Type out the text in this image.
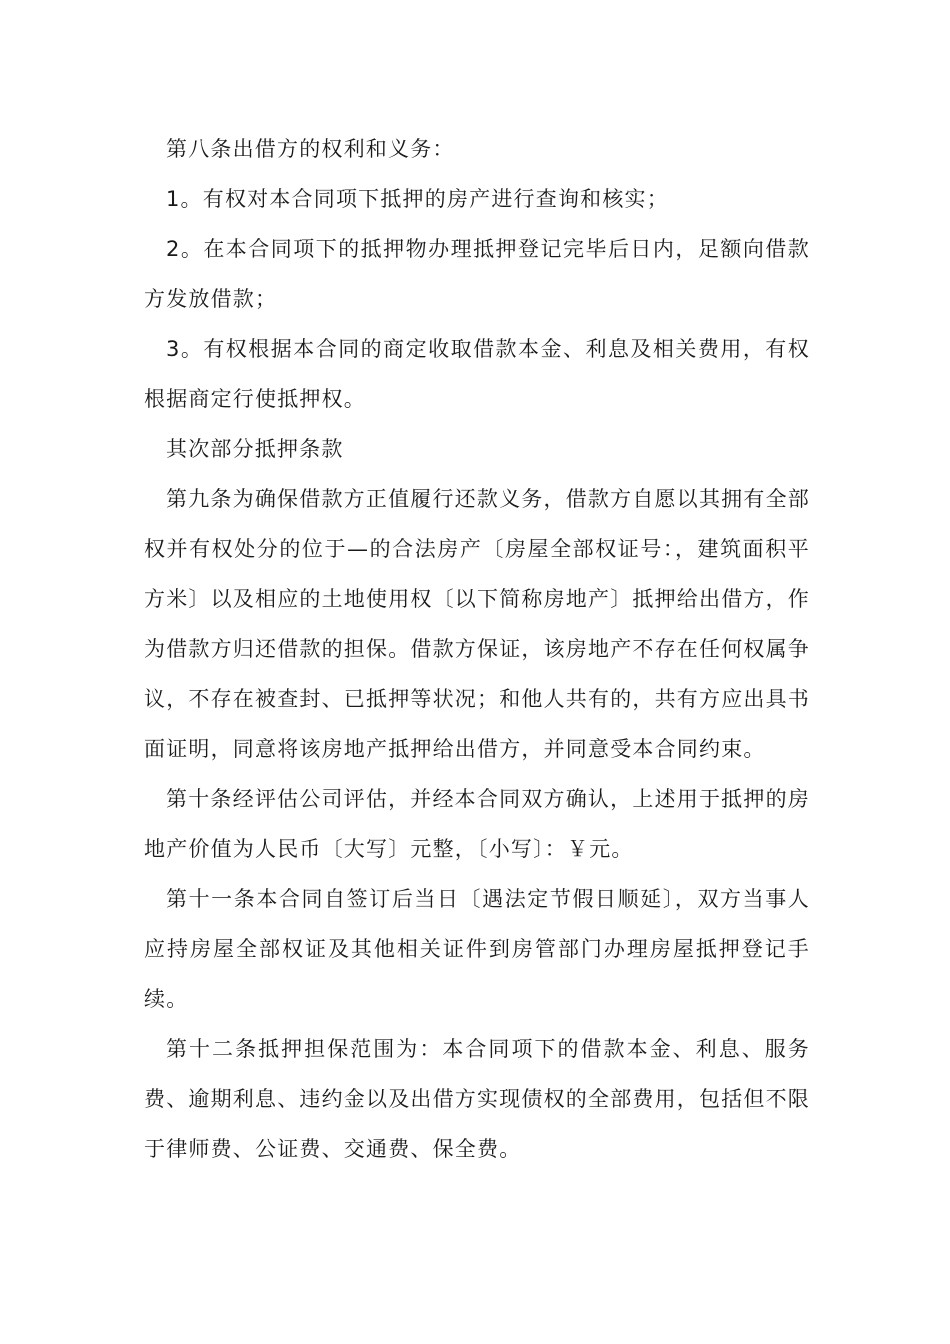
第八条出借方的权利和义务：

1。有权对本合同项下抵押的房产进行查询和核实；

2。在本合同项下的抵押物办理抵押登记完毕后日内，足额向借款方发放借款；

3。有权根据本合同的商定收取借款本金、利息及相关费用，有权根据商定行使抵押权。

其次部分抵押条款

第九条为确保借款方正值履行还款义务，借款方自愿以其拥有全部权并有权处分的位于—的合法房产〔房屋全部权证号：，建筑面积平方米〕以及相应的土地使用权〔以下简称房地产〕抵押给出借方，作为借款方归还借款的担保。借款方保证，该房地产不存在任何权属争议，不存在被查封、已抵押等状况；和他人共有的，共有方应出具书面证明，同意将该房地产抵押给出借方，并同意受本合同约束。

第十条经评估公司评估，并经本合同双方确认，上述用于抵押的房地产价值为人民币〔大写〕元整，〔小写〕：￥元。

第十一条本合同自签订后当日〔遇法定节假日顺延〕，双方当事人应持房屋全部权证及其他相关证件到房管部门办理房屋抵押登记手续。

第十二条抵押担保范围为：本合同项下的借款本金、利息、服务费、逾期利息、违约金以及出借方实现债权的全部费用，包括但不限于律师费、公证费、交通费、保全费。
